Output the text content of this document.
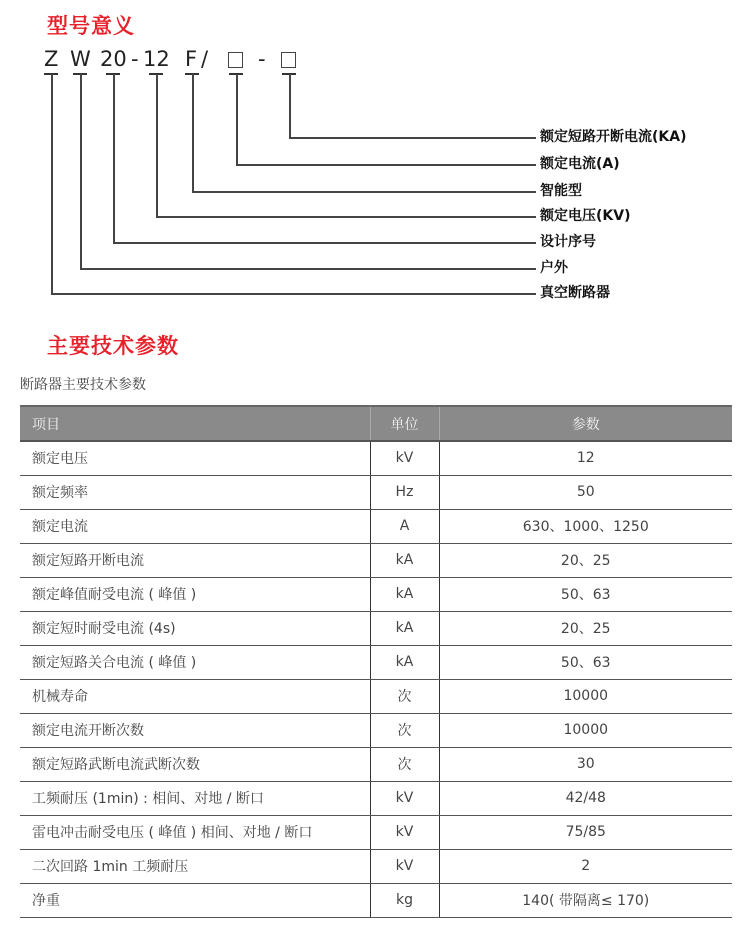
型号意义
Z W 20 - 12 F / -
额定短路开断电流(KA)
额定电流(A)
智能型
额定电压(KV)
设计序号
户外
真空断路器
主要技术参数
断路器主要技术参数
项目	单位	参数
额定电压	kV	12
额定频率	Hz	50
额定电流	A	630、1000、1250
额定短路开断电流	kA	20、25
额定峰值耐受电流 ( 峰值 )	kA	50、63
额定短时耐受电流 (4s)	kA	20、25
额定短路关合电流 ( 峰值 )	kA	50、63
机械寿命	次	10000
额定电流开断次数	次	10000
额定短路武断电流武断次数	次	30
工频耐压 (1min) : 相间、对地 / 断口	kV	42/48
雷电冲击耐受电压 ( 峰值 ) 相间、对地 / 断口	kV	75/85
二次回路 1min 工频耐压	kV	2
净重	kg	140( 带隔离≤ 170)
